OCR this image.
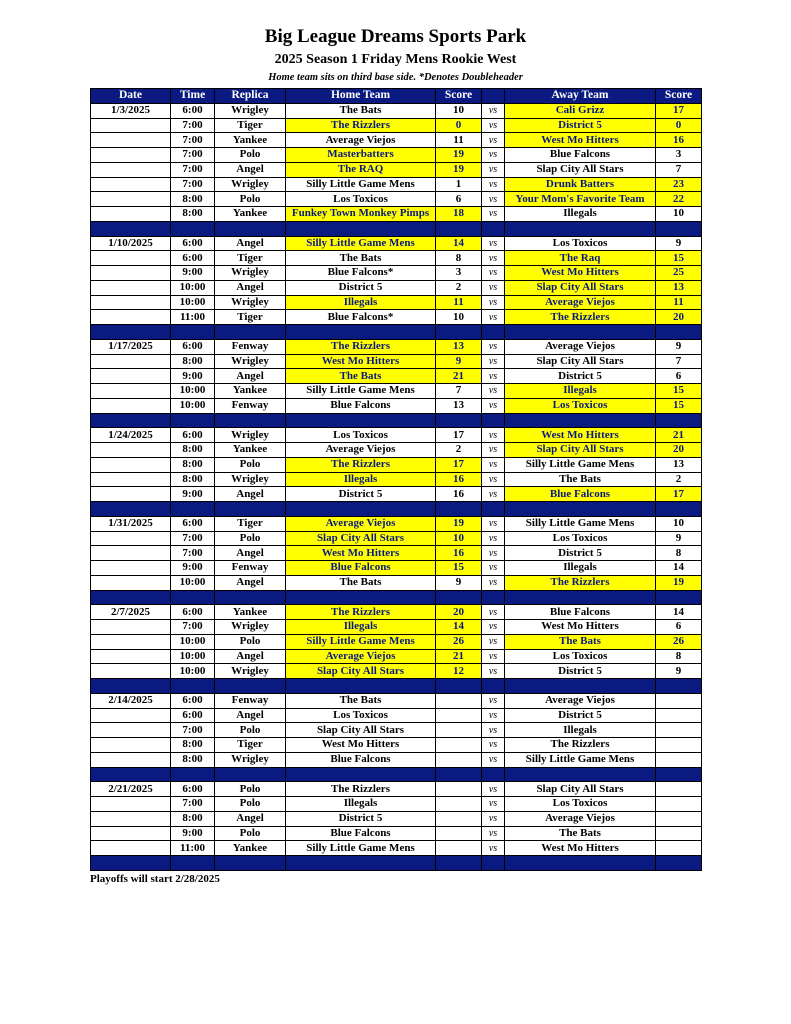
Big League Dreams Sports Park
2025 Season 1 Friday Mens Rookie West
Home team sits on third base side. *Denotes Doubleheader
Date	Time	Replica	Home Team	Score		Away Team	Score
1/3/2025	6:00	Wrigley	The Bats	10	vs	Cali Grizz	17
	7:00	Tiger	The Rizzlers	0	vs	District 5	0
	7:00	Yankee	Average Viejos	11	vs	West Mo Hitters	16
	7:00	Polo	Masterbatters	19	vs	Blue Falcons	3
	7:00	Angel	The RAQ	19	vs	Slap City All Stars	7
	7:00	Wrigley	Silly Little Game Mens	1	vs	Drunk Batters	23
	8:00	Polo	Los Toxicos	6	vs	Your Mom's Favorite Team	22
	8:00	Yankee	Funkey Town Monkey Pimps	18	vs	Illegals	10

1/10/2025	6:00	Angel	Silly Little Game Mens	14	vs	Los Toxicos	9
	6:00	Tiger	The Bats	8	vs	The Raq	15
	9:00	Wrigley	Blue Falcons*	3	vs	West Mo Hitters	25
	10:00	Angel	District 5	2	vs	Slap City All Stars	13
	10:00	Wrigley	Illegals	11	vs	Average Viejos	11
	11:00	Tiger	Blue Falcons*	10	vs	The Rizzlers	20

1/17/2025	6:00	Fenway	The Rizzlers	13	vs	Average Viejos	9
	8:00	Wrigley	West Mo Hitters	9	vs	Slap City All Stars	7
	9:00	Angel	The Bats	21	vs	District 5	6
	10:00	Yankee	Silly Little Game Mens	7	vs	Illegals	15
	10:00	Fenway	Blue Falcons	13	vs	Los Toxicos	15

1/24/2025	6:00	Wrigley	Los Toxicos	17	vs	West Mo Hitters	21
	8:00	Yankee	Average Viejos	2	vs	Slap City All Stars	20
	8:00	Polo	The Rizzlers	17	vs	Silly Little Game Mens	13
	8:00	Wrigley	Illegals	16	vs	The Bats	2
	9:00	Angel	District 5	16	vs	Blue Falcons	17

1/31/2025	6:00	Tiger	Average Viejos	19	vs	Silly Little Game Mens	10
	7:00	Polo	Slap City All Stars	10	vs	Los Toxicos	9
	7:00	Angel	West Mo Hitters	16	vs	District 5	8
	9:00	Fenway	Blue Falcons	15	vs	Illegals	14
	10:00	Angel	The Bats	9	vs	The Rizzlers	19

2/7/2025	6:00	Yankee	The Rizzlers	20	vs	Blue Falcons	14
	7:00	Wrigley	Illegals	14	vs	West Mo Hitters	6
	10:00	Polo	Silly Little Game Mens	26	vs	The Bats	26
	10:00	Angel	Average Viejos	21	vs	Los Toxicos	8
	10:00	Wrigley	Slap City All Stars	12	vs	District 5	9

2/14/2025	6:00	Fenway	The Bats		vs	Average Viejos	
	6:00	Angel	Los Toxicos		vs	District 5	
	7:00	Polo	Slap City All Stars		vs	Illegals	
	8:00	Tiger	West Mo Hitters		vs	The Rizzlers	
	8:00	Wrigley	Blue Falcons		vs	Silly Little Game Mens	

2/21/2025	6:00	Polo	The Rizzlers		vs	Slap City All Stars	
	7:00	Polo	Illegals		vs	Los Toxicos	
	8:00	Angel	District 5		vs	Average Viejos	
	9:00	Polo	Blue Falcons		vs	The Bats	
	11:00	Yankee	Silly Little Game Mens		vs	West Mo Hitters	

Playoffs will start 2/28/2025
